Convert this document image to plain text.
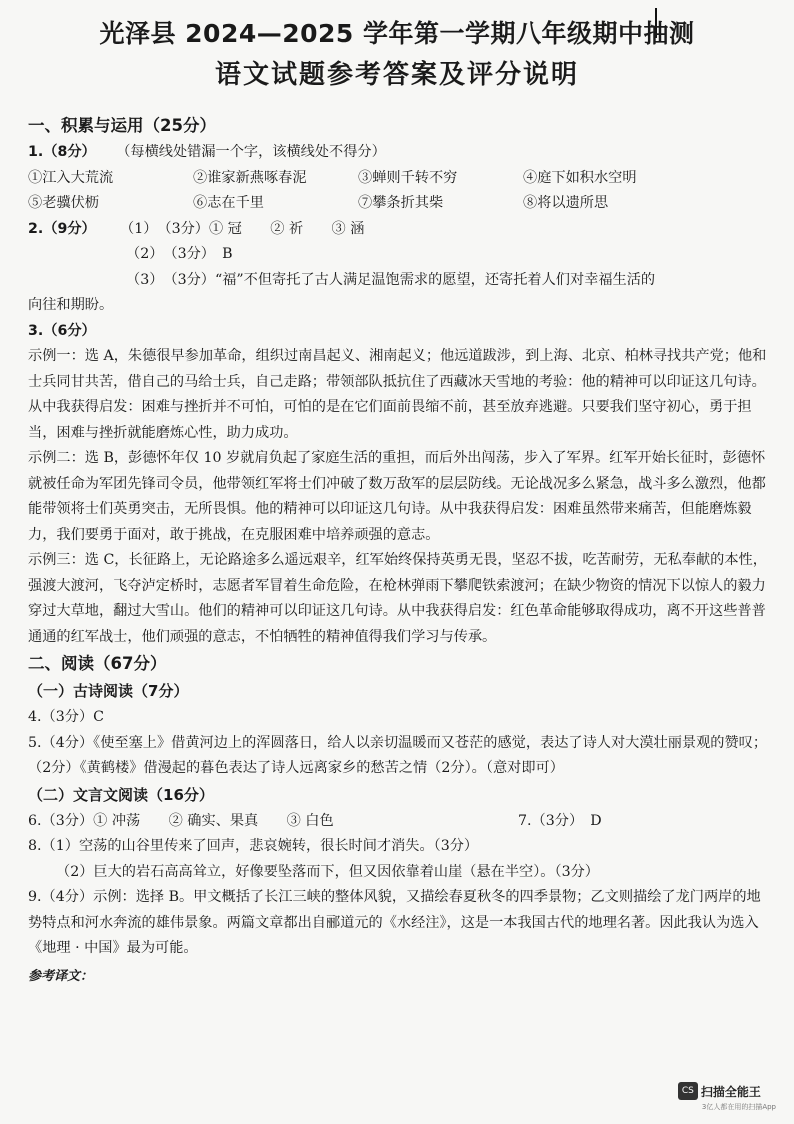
光泽县 2024—2025 学年第一学期八年级期中抽测
语文试题参考答案及评分说明
一、积累与运用（25分）
1.（8分） （每横线处错漏一个字，该横线处不得分）
①江入大荒流	②谁家新燕啄春泥	③蝉则千转不穷	④庭下如积水空明
⑤老骥伏枥	⑥志在千里	⑦攀条折其柴	⑧将以遗所思
2.（9分）	（1）　（3分）① 冠　　② 祈　　③ 涵
（2）　（3分）　B
（3）　（3分）“福”不但寄托了古人满足温饱需求的愿望，还寄托着人们对幸福生活的
向往和期盼。
3.（6分）
示例一：选 A，朱德很早参加革命，组织过南昌起义、湘南起义；他远道跋涉，到上海、北京、柏林寻找共产党；他和士兵同甘共苦，借自己的马给士兵，自己走路；带领部队抵抗住了西藏冰天雪地的考验：他的精神可以印证这几句诗。从中我获得启发：困难与挫折并不可怕，可怕的是在它们面前畏缩不前，甚至放弃逃避。只要我们坚守初心，勇于担当，困难与挫折就能磨炼心性，助力成功。
示例二：选 B，彭德怀年仅 10 岁就肩负起了家庭生活的重担，而后外出闯荡，步入了军界。红军开始长征时，彭德怀就被任命为军团先锋司令员，他带领红军将士们冲破了数万敌军的层层防线。无论战况多么紧急，战斗多么激烈，他都能带领将士们英勇突击，无所畏惧。他的精神可以印证这几句诗。从中我获得启发：困难虽然带来痛苦，但能磨炼毅力，我们要勇于面对，敢于挑战，在克服困难中培养顽强的意志。
示例三：选 C，长征路上，无论路途多么遥远艰辛，红军始终保持英勇无畏，坚忍不拔，吃苦耐劳，无私奉献的本性，强渡大渡河，飞夺泸定桥时，志愿者军冒着生命危险，在枪林弹雨下攀爬铁索渡河；在缺少物资的情况下以惊人的毅力穿过大草地，翻过大雪山。他们的精神可以印证这几句诗。从中我获得启发：红色革命能够取得成功，离不开这些普普通通的红军战士，他们顽强的意志，不怕牺牲的精神值得我们学习与传承。
二、阅读（67分）
（一）古诗阅读（7分）
4.（3分）C
5.（4分）《使至塞上》借黄河边上的浑圆落日，给人以亲切温暖而又苍茫的感觉，表达了诗人对大漠壮丽景观的赞叹；（2分）《黄鹤楼》借漫起的暮色表达了诗人远离家乡的愁苦之情（2分）。（意对即可）
（二）文言文阅读（16分）
6.（3分）① 冲荡　　② 确实、果真　　③ 白色	7.（3分）　D
8.（1）空荡的山谷里传来了回声，悲哀婉转，很长时间才消失。（3分）
（2）巨大的岩石高高耸立，好像要坠落而下，但又因依靠着山崖（悬在半空）。（3分）
9.（4分）示例：选择 B。甲文概括了长江三峡的整体风貌，又描绘春夏秋冬的四季景物；乙文则描绘了龙门两岸的地势特点和河水奔流的雄伟景象。两篇文章都出自郦道元的《水经注》，这是一本我国古代的地理名著。因此我认为选入《地理 · 中国》最为可能。
参考译文：
CS 扫描全能王
3亿人都在用的扫描App
